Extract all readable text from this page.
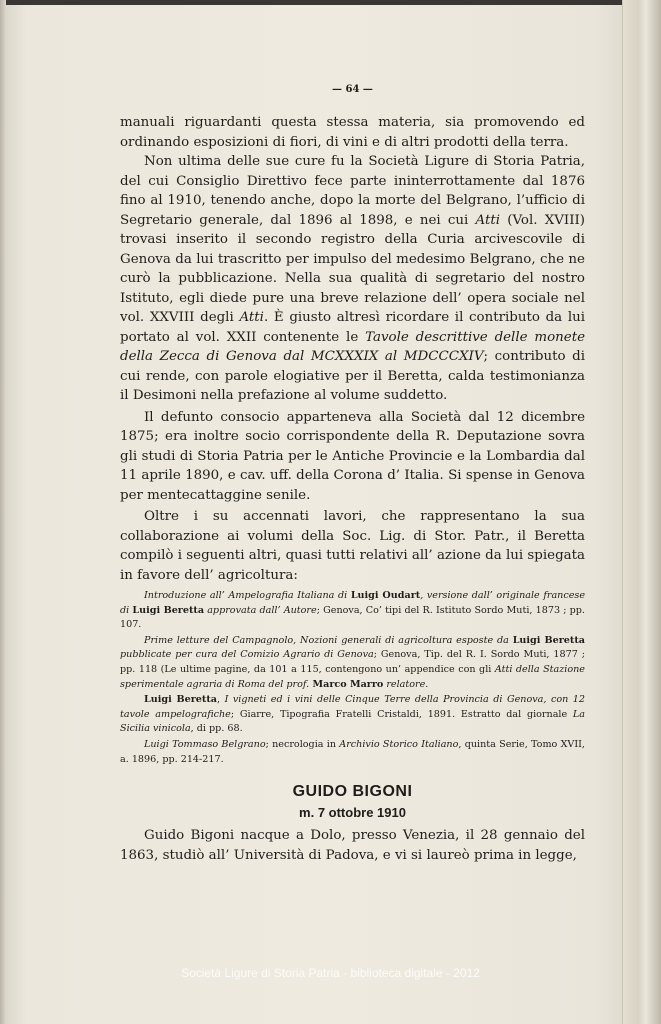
— 64 —

manuali riguardanti questa stessa materia, sia promovendo ed ordinando esposizioni di fiori, di vini e di altri prodotti della terra.

Non ultima delle sue cure fu la Società Ligure di Storia Patria, del cui Consiglio Direttivo fece parte ininterrottamente dal 1876 fino al 1910, tenendo anche, dopo la morte del Belgrano, l’ufficio di Segretario generale, dal 1896 al 1898, e nei cui Atti (Vol. XVIII) trovasi inserito il secondo registro della Curia arcivescovile di Genova da lui trascritto per impulso del medesimo Belgrano, che ne curò la pubblicazione. Nella sua qualità di segretario del nostro Istituto, egli diede pure una breve relazione dell’ opera sociale nel vol. XXVIII degli Atti. È giusto altresì ricordare il contributo da lui portato al vol. XXII contenente le Tavole descrittive delle monete della Zecca di Genova dal MCXXXIX al MDCCCXIV; contributo di cui rende, con parole elogiative per il Beretta, calda testimonianza il Desimoni nella prefazione al volume suddetto.

Il defunto consocio apparteneva alla Società dal 12 dicembre 1875; era inoltre socio corrispondente della R. Deputazione sovra gli studi di Storia Patria per le Antiche Provincie e la Lombardia dal 11 aprile 1890, e cav. uff. della Corona d’ Italia. Si spense in Genova per mentecattaggine senile.

Oltre i su accennati lavori, che rappresentano la sua collaborazione ai volumi della Soc. Lig. di Stor. Patr., il Beretta compilò i seguenti altri, quasi tutti relativi all’ azione da lui spiegata in favore dell’ agricoltura:

Introduzione all’ Ampelografia Italiana di Luigi Oudart, versione dall’ originale francese di Luigi Beretta approvata dall’ Autore; Genova, Co’ tipi del R. Istituto Sordo Muti, 1873 ; pp. 107.

Prime letture del Campagnolo, Nozioni generali di agricoltura esposte da Luigi Beretta pubblicate per cura del Comizio Agrario di Genova; Genova, Tip. del R. I. Sordo Muti, 1877 ; pp. 118 (Le ultime pagine, da 101 a 115, contengono un’ appendice con gli Atti della Stazione sperimentale agraria di Roma del prof. Marco Marro relatore.

Luigi Beretta, I vigneti ed i vini delle Cinque Terre della Provincia di Genova, con 12 tavole ampelografiche; Giarre, Tipografia Fratelli Cristaldi, 1891. Estratto dal giornale La Sicilia vinicola, di pp. 68.

Luigi Tommaso Belgrano; necrologia in Archivio Storico Italiano, quinta Serie, Tomo XVII, a. 1896, pp. 214-217.

GUIDO BIGONI
m. 7 ottobre 1910

Guido Bigoni nacque a Dolo, presso Venezia, il 28 gennaio del 1863, studiò all’ Università di Padova, e vi si laureò prima in legge,

Società Ligure di Storia Patria - biblioteca digitale - 2012
